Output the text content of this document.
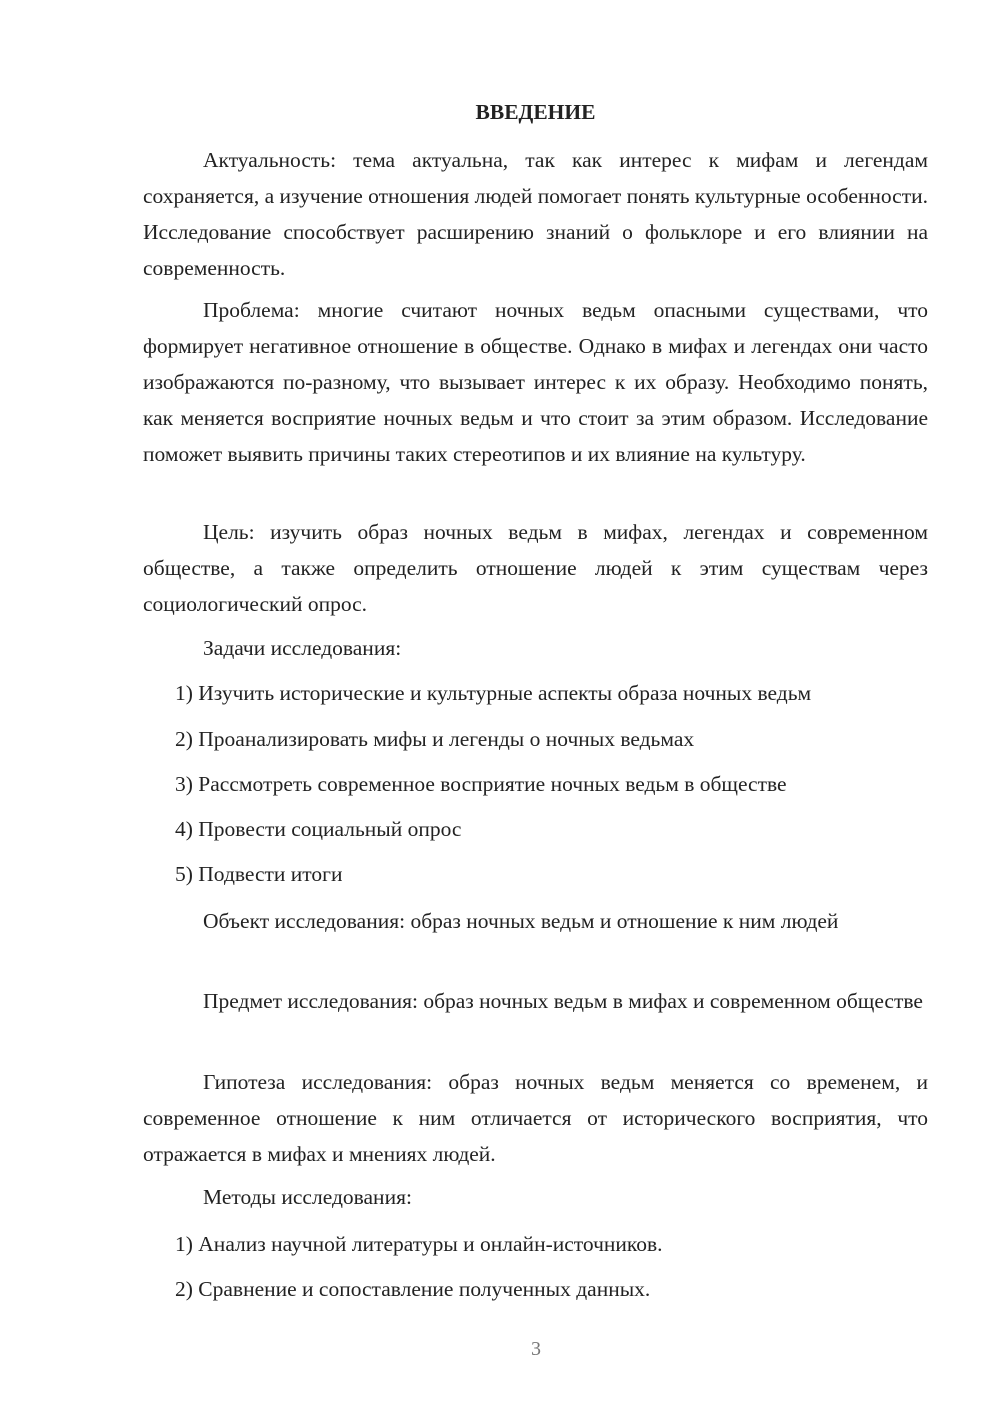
ВВЕДЕНИЕ

Актуальность: тема актуальна, так как интерес к мифам и легендам сохраняется, а изучение отношения людей помогает понять культурные особенности. Исследование способствует расширению знаний о фольклоре и его влиянии на современность.

Проблема: многие считают ночных ведьм опасными существами, что формирует негативное отношение в обществе. Однако в мифах и легендах они часто изображаются по-разному, что вызывает интерес к их образу. Необходимо понять, как меняется восприятие ночных ведьм и что стоит за этим образом. Исследование поможет выявить причины таких стереотипов и их влияние на культуру.

Цель: изучить образ ночных ведьм в мифах, легендах и современном обществе, а также определить отношение людей к этим существам через социологический опрос.

Задачи исследования:

1) Изучить исторические и культурные аспекты образа ночных ведьм

2) Проанализировать мифы и легенды о ночных ведьмах

3) Рассмотреть современное восприятие ночных ведьм в обществе

4) Провести социальный опрос

5) Подвести итоги

Объект исследования: образ ночных ведьм и отношение к ним людей

Предмет исследования: образ ночных ведьм в мифах и современном обществе

Гипотеза исследования: образ ночных ведьм меняется со временем, и современное отношение к ним отличается от исторического восприятия, что отражается в мифах и мнениях людей.

Методы исследования:

1) Анализ научной литературы и онлайн-источников.

2) Сравнение и сопоставление полученных данных.

3
